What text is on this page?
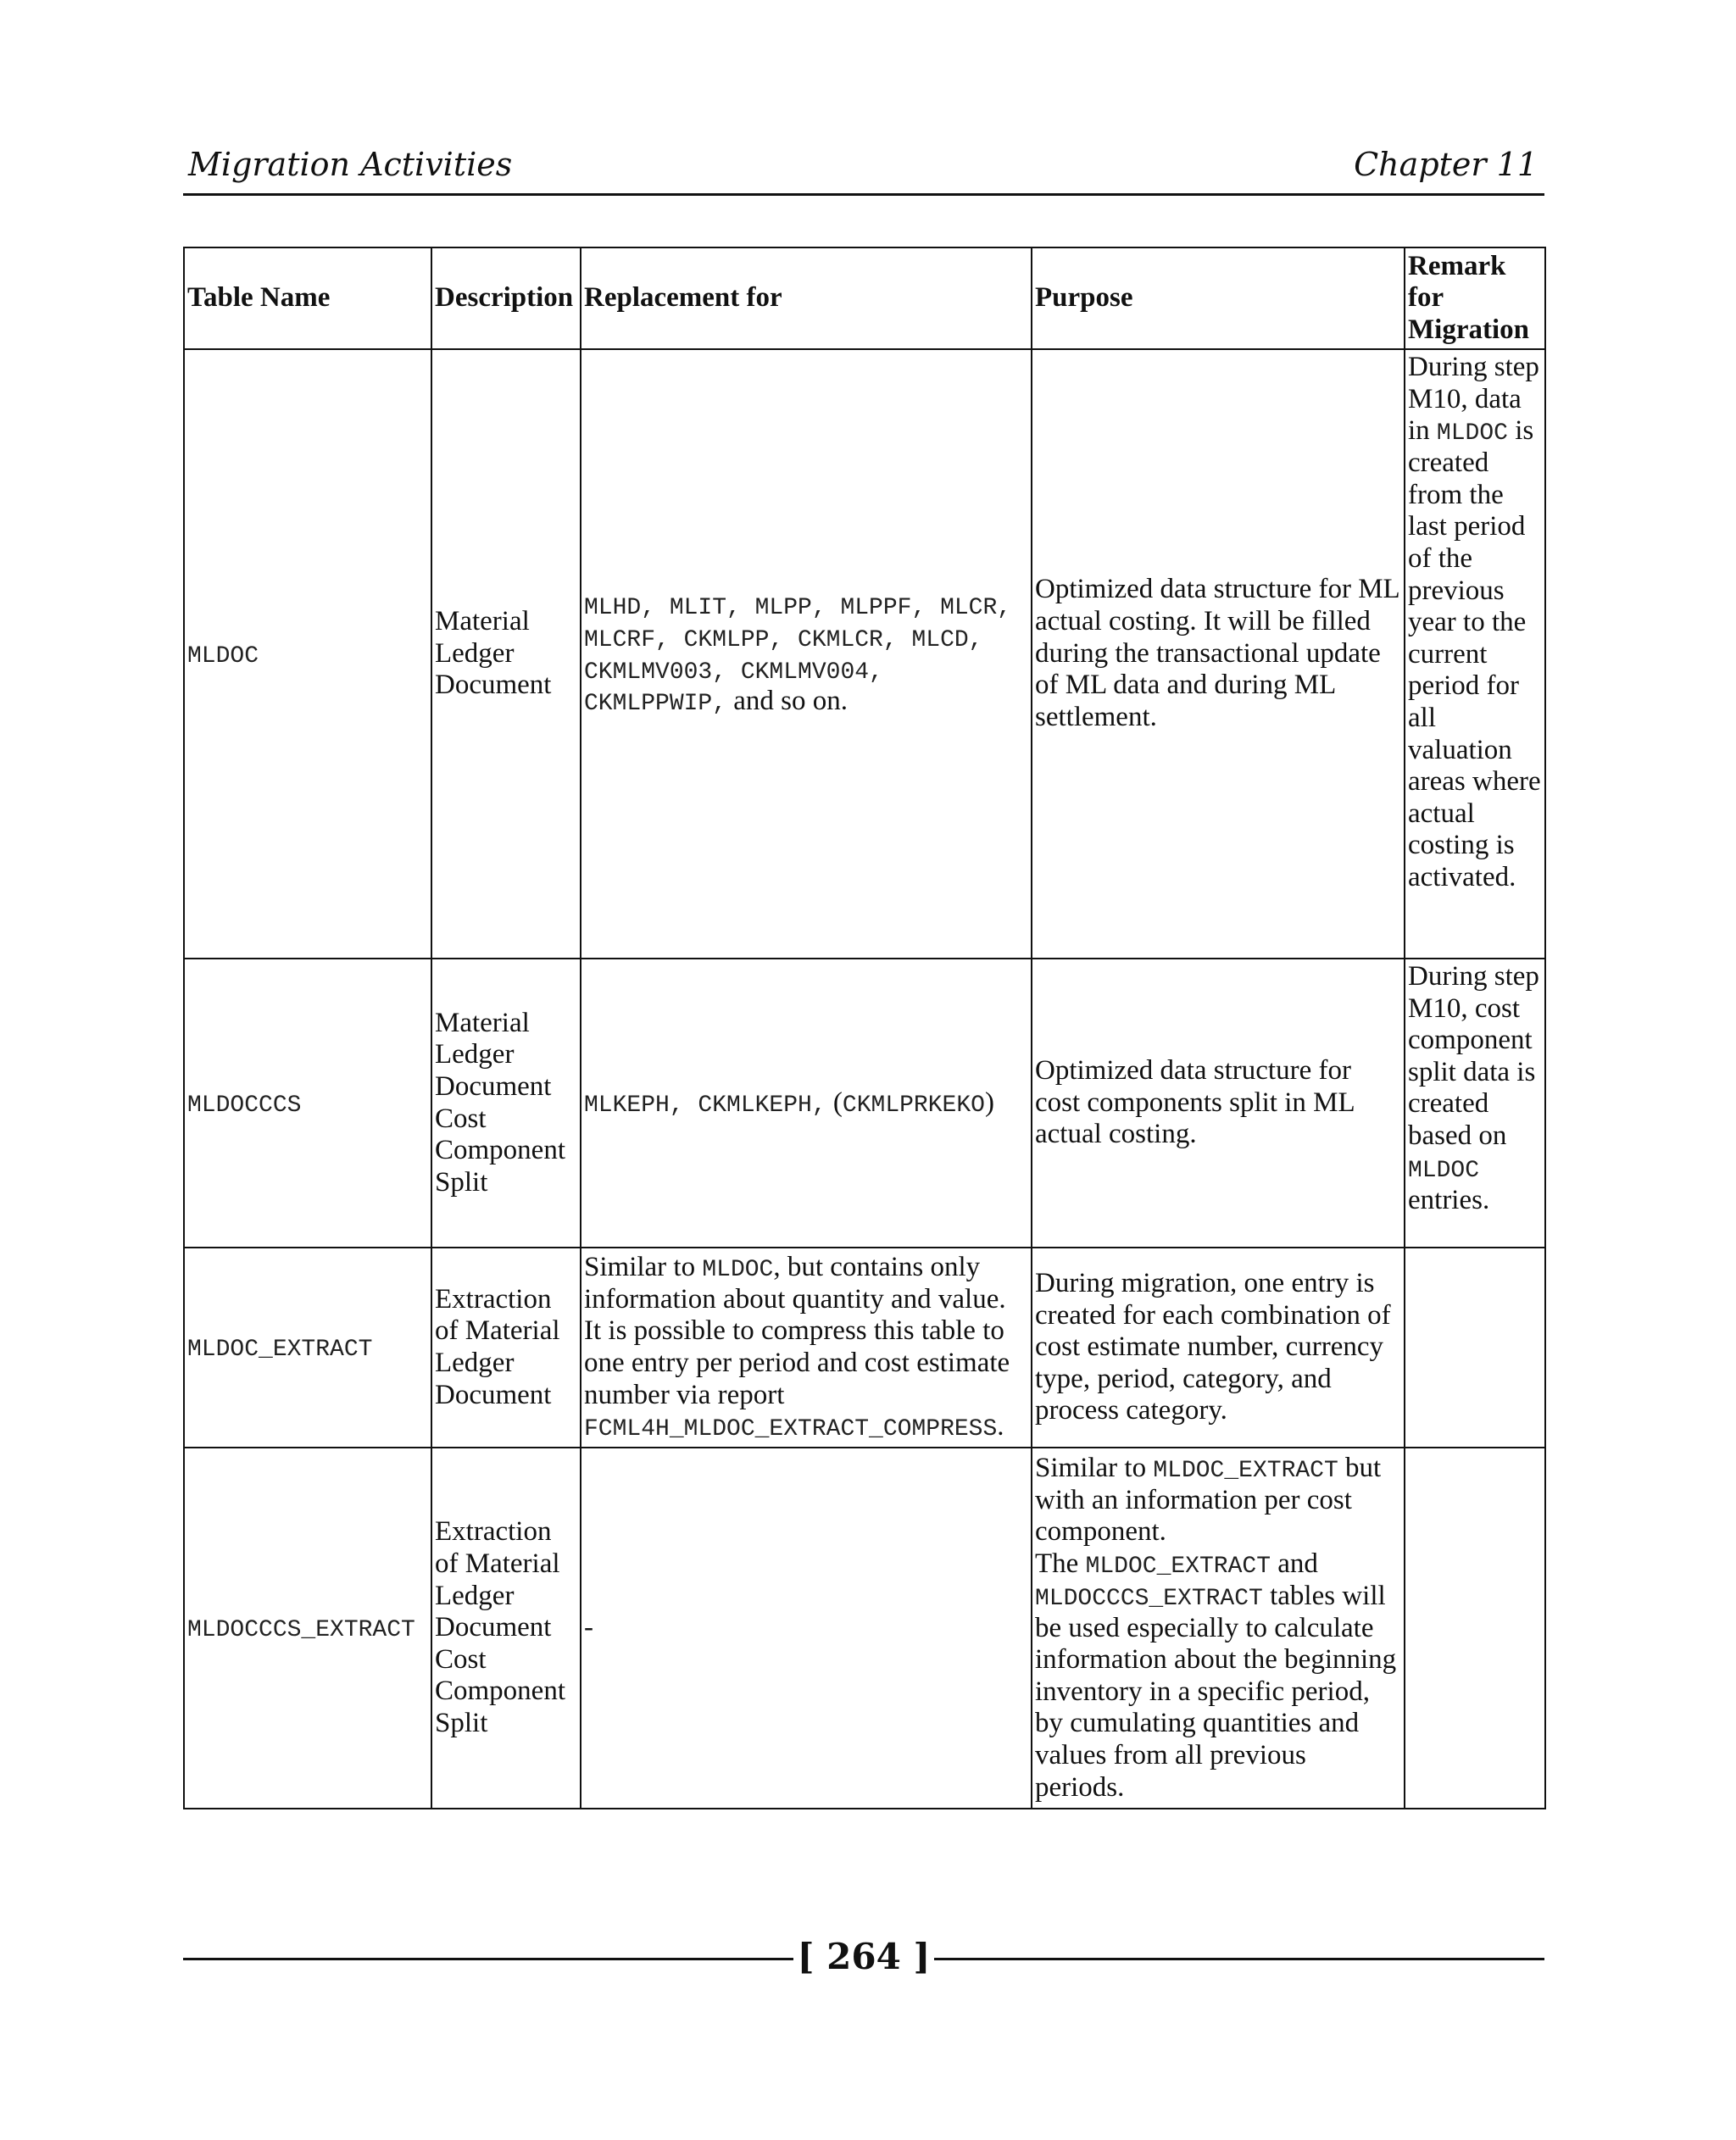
Migration Activities	Chapter 11
Table Name	Description	Replacement for	Purpose	Remark for Migration
MLDOC	Material Ledger Document	MLHD, MLIT, MLPP, MLPPF, MLCR, MLCRF, CKMLPP, CKMLCR, MLCD, CKMLMV003, CKMLMV004, CKMLPPWIP, and so on.	Optimized data structure for ML actual costing. It will be filled during the transactional update of ML data and during ML settlement.	During step M10, data in MLDOC is created from the last period of the previous year to the current period for all valuation areas where actual costing is activated.
MLDOCCCS	Material Ledger Document Cost Component Split	MLKEPH, CKMLKEPH, (CKMLPRKEKO)	Optimized data structure for cost components split in ML actual costing.	During step M10, cost component split data is created based on MLDOC entries.
MLDOC_EXTRACT	Extraction of Material Ledger Document	Similar to MLDOC, but contains only information about quantity and value. It is possible to compress this table to one entry per period and cost estimate number via report FCML4H_MLDOC_EXTRACT_COMPRESS.	During migration, one entry is created for each combination of cost estimate number, currency type, period, category, and process category.	
MLDOCCCS_EXTRACT	Extraction of Material Ledger Document Cost Component Split	-	Similar to MLDOC_EXTRACT but with an information per cost component.
The MLDOC_EXTRACT and MLDOCCCS_EXTRACT tables will be used especially to calculate information about the beginning inventory in a specific period, by cumulating quantities and values from all previous periods.	
[ 264 ]
